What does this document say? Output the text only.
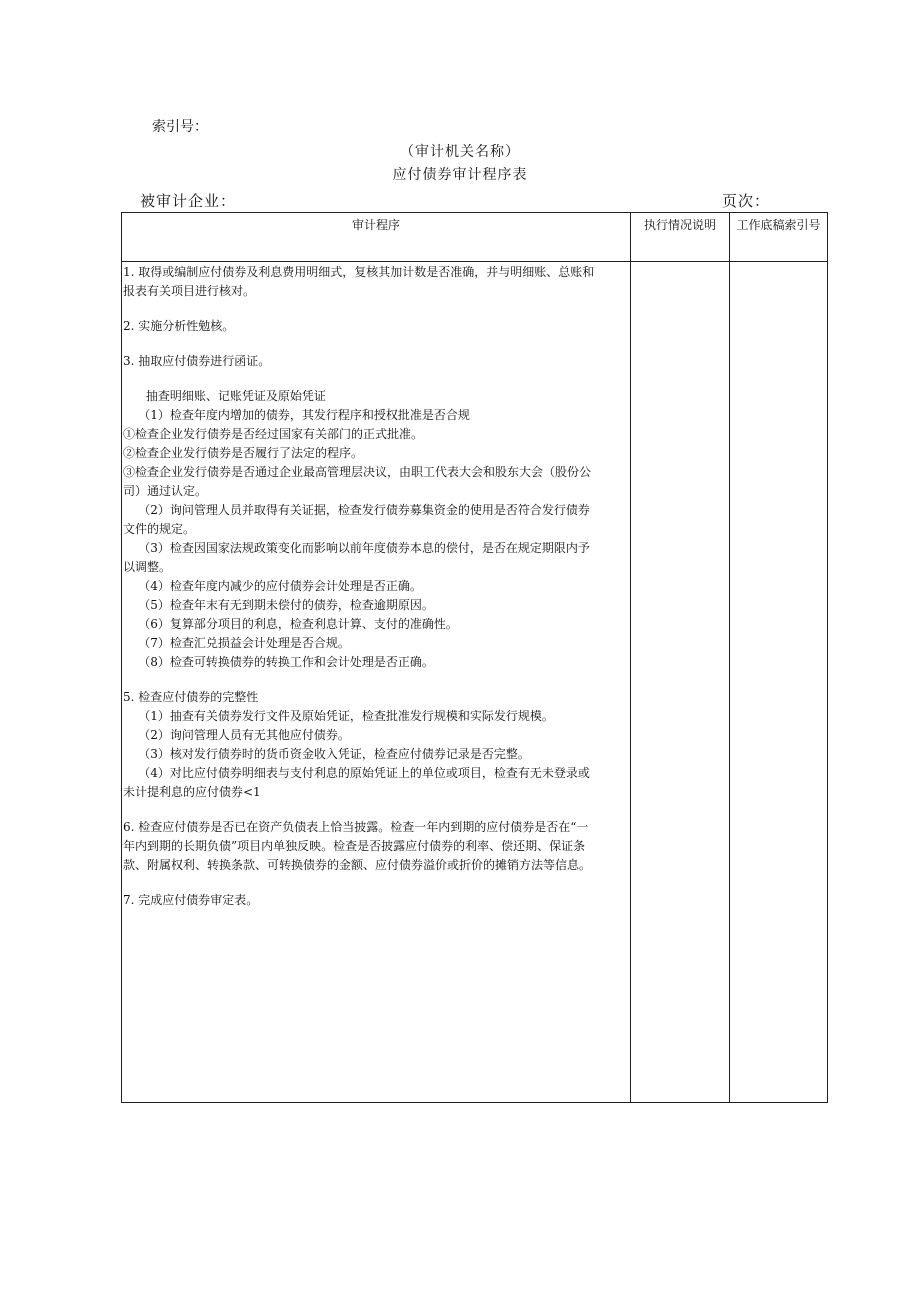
索引号：
（审计机关名称）
应付债券审计程序表
被审计企业：	页次：
审计程序	执行情况说明	工作底稿索引号
1. 取得或编制应付债券及利息费用明细式，复核其加计数是否准确，并与明细账、总账和
报表有关项目进行核对。
2. 实施分析性勉核。
3. 抽取应付债券进行函证。
抽查明细账、记账凭证及原始凭证
（1）检查年度内增加的债券，其发行程序和授权批准是否合规
①检查企业发行债券是否经过国家有关部门的正式批准。
②检查企业发行债券是否履行了法定的程序。
③检查企业发行债券是否通过企业最高管理层决议，由职工代表大会和股东大会（股份公
司）通过认定。
（2）询问管理人员并取得有关证据，检查发行债券募集资金的使用是否符合发行债券
文件的规定。
（3）检查因国家法规政策变化而影响以前年度债券本息的偿付，是否在规定期限内予
以调整。
（4）检查年度内减少的应付债券会计处理是否正确。
（5）检查年末有无到期未偿付的债券，检查逾期原因。
（6）复算部分项目的利息，检查利息计算、支付的准确性。
（7）检查汇兑损益会计处理是否合规。
（8）检查可转换债券的转换工作和会计处理是否正确。
5. 检查应付债券的完整性
（1）抽查有关债券发行文件及原始凭证，检查批准发行规模和实际发行规模。
（2）询问管理人员有无其他应付债券。
（3）核对发行债券时的货币资金收入凭证，检查应付债券记录是否完整。
（4）对比应付债券明细表与支付利息的原始凭证上的单位或项目，检查有无未登录或
未计提利息的应付债券<1
6. 检查应付债券是否已在资产负债表上恰当披露。检查一年内到期的应付债券是否在“一
年内到期的长期负债”项目内单独反映。检查是否披露应付债券的利率、偿还期、保证条
款、附属权利、转换条款、可转换债券的金额、应付债券溢价或折价的摊销方法等信息。
7. 完成应付债券审定表。
